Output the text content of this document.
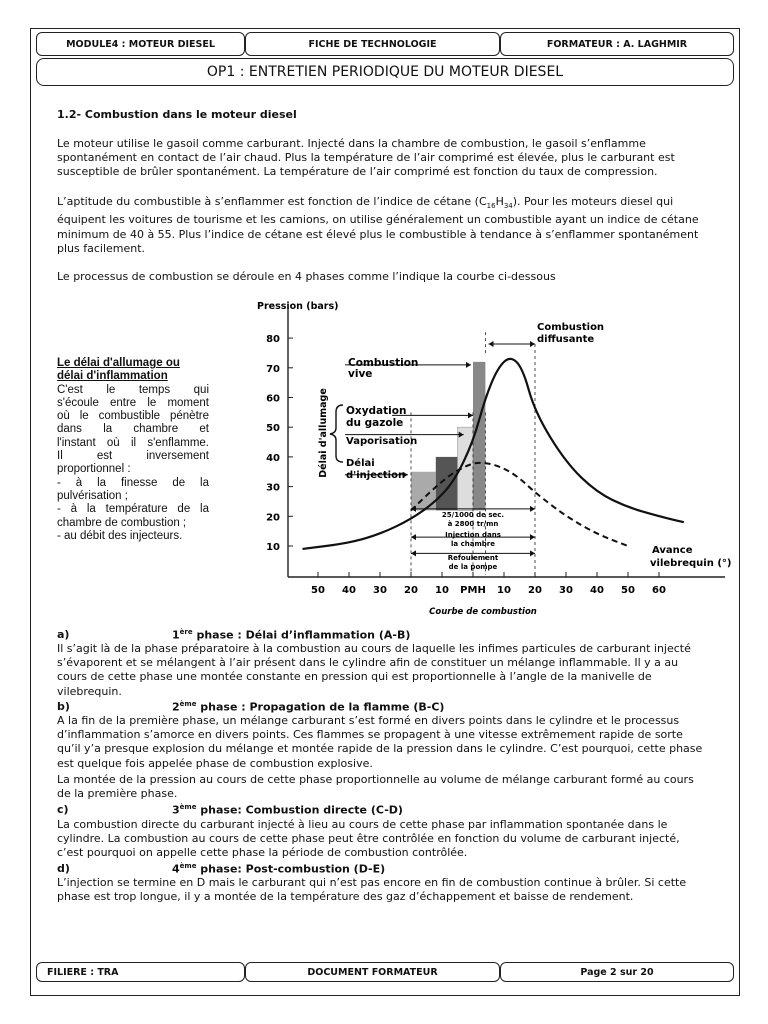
MODULE4 : MOTEUR DIESEL	FICHE DE TECHNOLOGIE	FORMATEUR : A. LAGHMIR
OP1 : ENTRETIEN PERIODIQUE DU MOTEUR DIESEL
1.2- Combustion dans le moteur diesel

Le moteur utilise le gasoil comme carburant. Injecté dans la chambre de combustion, le gasoil s’enflamme spontanément en contact de l’air chaud. Plus la température de l’air comprimé est élevée, plus le carburant est susceptible de brûler spontanément. La température de l’air comprimé est fonction du taux de compression.

L’aptitude du combustible à s’enflammer est fonction de l’indice de cétane $(C_{16}H_{34})$. Pour les moteurs diesel qui équipent les voitures de tourisme et les camions, on utilise généralement un combustible ayant un indice de cétane minimum de 40 à 55. Plus l’indice de cétane est élevé plus le combustible à tendance à s’enflammer spontanément plus facilement.

Le processus de combustion se déroule en 4 phases comme l’indique la courbe ci-dessous

Le délai d'allumage ou
délai d'inflammation
C'est le temps qui
s'écoule entre le moment
où le combustible pénètre
dans la chambre et
l'instant où il s'enflamme.
Il est inversement
proportionnel :
- à la finesse de la
pulvérisation ;
- à la température de la
chambre de combustion ;
- au débit des injecteurs.
80
70
60
50
40
30
20
10
50 40 30 20 10 PMH 10 20 30 40 50 60
Pression (bars)
Combustion
diffusante
Combustion
vive
Oxydation
du gazole
Vaporisation
Délai
d'injection
Délai d'allumage
25/1000 de sec.
à 2800 tr/mn
Injection dans
la chambre
Refoulement
de la pompe
Avance
vilebrequin (°)
Courbe de combustion
a)	1ère phase : Délai d’inflammation (A-B)

Il s’agit là de la phase préparatoire à la combustion au cours de laquelle les infimes particules de carburant injecté s’évaporent et se mélangent à l’air présent dans le cylindre afin de constituer un mélange inflammable. Il y a au cours de cette phase une montée constante en pression qui est proportionnelle à l’angle de la manivelle de vilebrequin.

b)	2ème phase : Propagation de la flamme (B-C)

A la fin de la première phase, un mélange carburant s’est formé en divers points dans le cylindre et le processus d’inflammation s’amorce en divers points. Ces flammes se propagent à une vitesse extrêmement rapide de sorte qu’il y’a presque explosion du mélange et montée rapide de la pression dans le cylindre. C’est pourquoi, cette phase est quelque fois appelée phase de combustion explosive.

La montée de la pression au cours de cette phase proportionnelle au volume de mélange carburant formé au cours de la première phase.

c)	3ème phase: Combustion directe (C-D)

La combustion directe du carburant injecté à lieu au cours de cette phase par inflammation spontanée dans le cylindre. La combustion au cours de cette phase peut être contrôlée en fonction du volume de carburant injecté, c’est pourquoi on appelle cette phase la période de combustion contrôlée.

d)	4ème phase: Post-combustion (D-E)

L’injection se termine en D mais le carburant qui n’est pas encore en fin de combustion continue à brûler. Si cette phase est trop longue, il y a montée de la température des gaz d’échappement et baisse de rendement.

FILIERE : TRA	DOCUMENT FORMATEUR	Page 2 sur 20
